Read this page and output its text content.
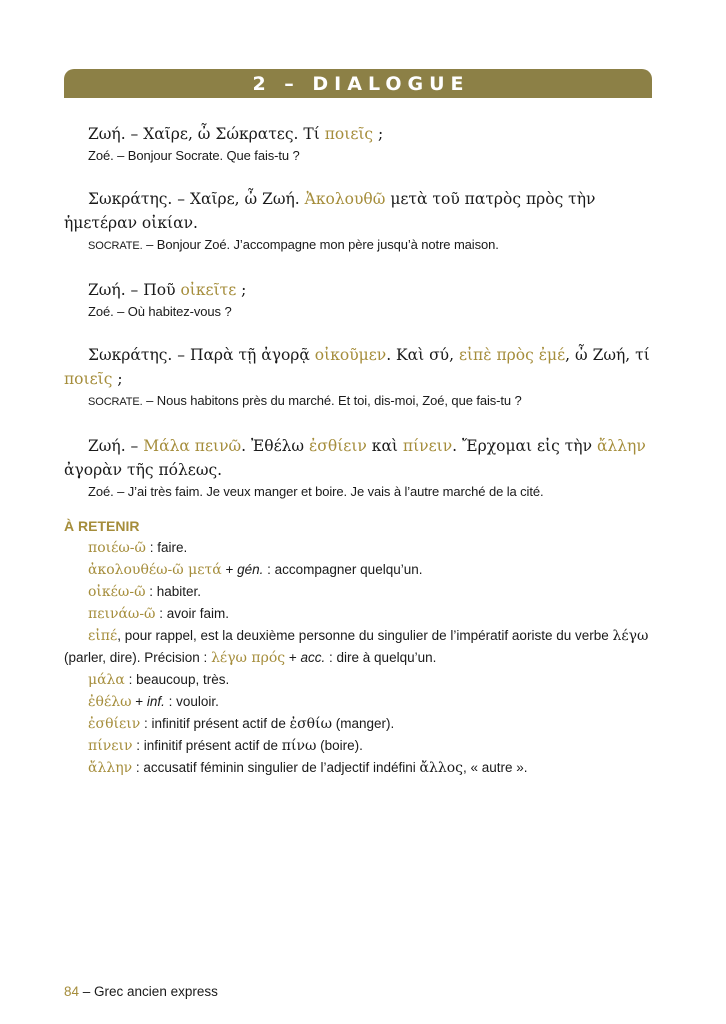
2 – DIALOGUE

Ζωή. – Χαῖρε, ὦ Σώκρατες. Τί ποιεῖς ;

Zoé. – Bonjour Socrate. Que fais-tu ?

Σωκράτης. – Χαῖρε, ὦ Ζωή. Ἀκολουθῶ μετὰ τοῦ πατρὸς πρὸς τὴν ἡμετέραν οἰκίαν.

SOCRATE. – Bonjour Zoé. J’accompagne mon père jusqu’à notre maison.

Ζωή. – Ποῦ οἰκεῖτε ;

Zoé. – Où habitez-vous ?

Σωκράτης. – Παρὰ τῇ ἀγορᾷ οἰκοῦμεν. Καὶ σύ, εἰπὲ πρὸς ἐμέ, ὦ Ζωή, τί ποιεῖς ;

SOCRATE. – Nous habitons près du marché. Et toi, dis-moi, Zoé, que fais-tu ?

Ζωή. – Μάλα πεινῶ. Ἐθέλω ἐσθίειν καὶ πίνειν. Ἔρχομαι εἰς τὴν ἄλλην ἀγορὰν τῆς πόλεως.

Zoé. – J’ai très faim. Je veux manger et boire. Je vais à l’autre marché de la cité.

À RETENIR

ποιέω-ῶ : faire.

ἀκολουθέω-ῶ μετά + gén. : accompagner quelqu’un.

οἰκέω-ῶ : habiter.

πεινάω-ῶ : avoir faim.

εἰπέ, pour rappel, est la deuxième personne du singulier de l’impératif aoriste du verbe λέγω (parler, dire). Précision : λέγω πρός + acc. : dire à quelqu’un.

μάλα : beaucoup, très.

ἐθέλω + inf. : vouloir.

ἐσθίειν : infinitif présent actif de ἐσθίω (manger).

πίνειν : infinitif présent actif de πίνω (boire).

ἄλλην : accusatif féminin singulier de l’adjectif indéfini ἄλλος, « autre ».

84 – Grec ancien express
